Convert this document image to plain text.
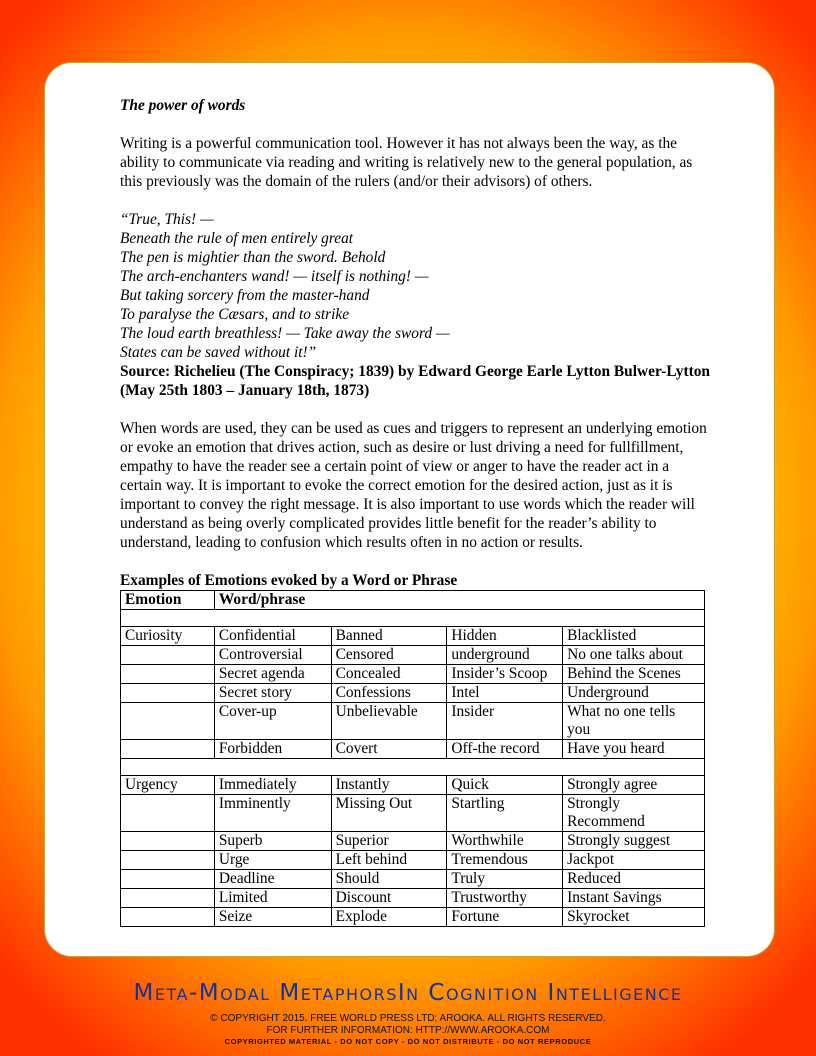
The power of words

Writing is a powerful communication tool. However it has not always been the way, as the ability to communicate via reading and writing is relatively new to the general population, as this previously was the domain of the rulers (and/or their advisors) of others.

“True, This! —

Beneath the rule of men entirely great

The pen is mightier than the sword. Behold

The arch-enchanters wand! — itself is nothing! —

But taking sorcery from the master-hand

To paralyse the Cæsars, and to strike

The loud earth breathless! — Take away the sword —

States can be saved without it!”

Source: Richelieu (The Conspiracy; 1839) by Edward George Earle Lytton Bulwer-Lytton (May 25th 1803 – January 18th, 1873)

When words are used, they can be used as cues and triggers to represent an underlying emotion or evoke an emotion that drives action, such as desire or lust driving a need for fullfillment, empathy to have the reader see a certain point of view or anger to have the reader act in a certain way. It is important to evoke the correct emotion for the desired action, just as it is important to convey the right message. It is also important to use words which the reader will understand as being overly complicated provides little benefit for the reader’s ability to understand, leading to confusion which results often in no action or results.

Examples of Emotions evoked by a Word or Phrase

Emotion	Word/phrase			

Curiosity	Confidential	Banned	Hidden	Blacklisted
	Controversial	Censored	underground	No one talks about
	Secret agenda	Concealed	Insider’s Scoop	Behind the Scenes
	Secret story	Confessions	Intel	Underground
	Cover-up	Unbelievable	Insider	What no one tells you
	Forbidden	Covert	Off-the record	Have you heard

Urgency	Immediately	Instantly	Quick	Strongly agree
	Imminently	Missing Out	Startling	Strongly Recommend
	Superb	Superior	Worthwhile	Strongly suggest
	Urge	Left behind	Tremendous	Jackpot
	Deadline	Should	Truly	Reduced
	Limited	Discount	Trustworthy	Instant Savings
	Seize	Explode	Fortune	Skyrocket

Meta-Modal MetaphorsIn Cognition Intelligence

© COPYRIGHT 2015. FREE WORLD PRESS LTD; AROOKA. ALL RIGHTS RESERVED.

FOR FURTHER INFORMATION: HTTP://WWW.AROOKA.COM

COPYRIGHTED MATERIAL - DO NOT COPY - DO NOT DISTRIBUTE - DO NOT REPRODUCE
